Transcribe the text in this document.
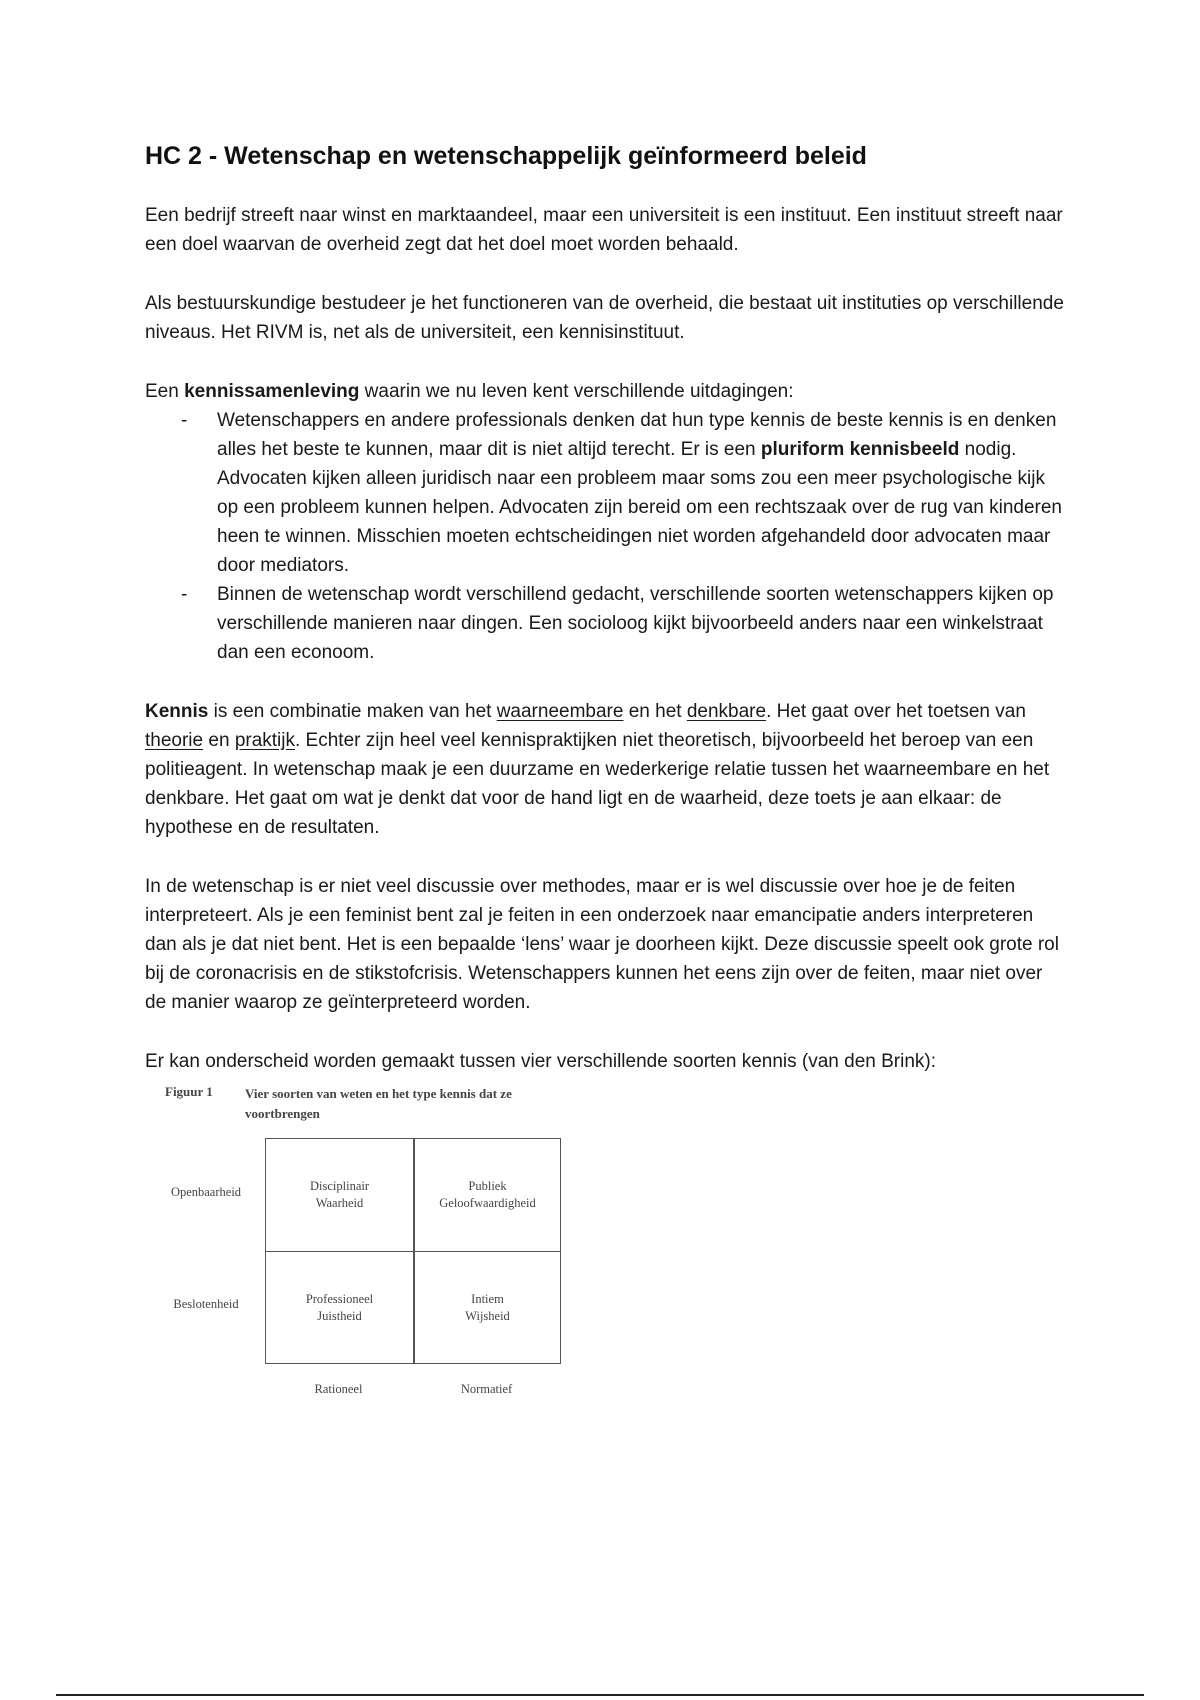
HC 2 - Wetenschap en wetenschappelijk geïnformeerd beleid

Een bedrijf streeft naar winst en marktaandeel, maar een universiteit is een instituut. Een instituut streeft naar een doel waarvan de overheid zegt dat het doel moet worden behaald.

Als bestuurskundige bestudeer je het functioneren van de overheid, die bestaat uit instituties op verschillende niveaus. Het RIVM is, net als de universiteit, een kennisinstituut.

Een kennissamenleving waarin we nu leven kent verschillende uitdagingen:

- Wetenschappers en andere professionals denken dat hun type kennis de beste kennis is en denken alles het beste te kunnen, maar dit is niet altijd terecht. Er is een pluriform kennisbeeld nodig. Advocaten kijken alleen juridisch naar een probleem maar soms zou een meer psychologische kijk op een probleem kunnen helpen. Advocaten zijn bereid om een rechtszaak over de rug van kinderen heen te winnen. Misschien moeten echtscheidingen niet worden afgehandeld door advocaten maar door mediators.
- Binnen de wetenschap wordt verschillend gedacht, verschillende soorten wetenschappers kijken op verschillende manieren naar dingen. Een socioloog kijkt bijvoorbeeld anders naar een winkelstraat dan een econoom.

Kennis is een combinatie maken van het waarneembare en het denkbare. Het gaat over het toetsen van theorie en praktijk. Echter zijn heel veel kennispraktijken niet theoretisch, bijvoorbeeld het beroep van een politieagent. In wetenschap maak je een duurzame en wederkerige relatie tussen het waarneembare en het denkbare. Het gaat om wat je denkt dat voor de hand ligt en de waarheid, deze toets je aan elkaar: de hypothese en de resultaten.

In de wetenschap is er niet veel discussie over methodes, maar er is wel discussie over hoe je de feiten interpreteert. Als je een feminist bent zal je feiten in een onderzoek naar emancipatie anders interpreteren dan als je dat niet bent. Het is een bepaalde ‘lens’ waar je doorheen kijkt. Deze discussie speelt ook grote rol bij de coronacrisis en de stikstofcrisis. Wetenschappers kunnen het eens zijn over de feiten, maar niet over de manier waarop ze geïnterpreteerd worden.

Er kan onderscheid worden gemaakt tussen vier verschillende soorten kennis (van den Brink):

Figuur 1 Vier soorten van weten en het type kennis dat ze voortbrengen
Openbaarheid
Beslotenheid
Disciplinair
Waarheid
Publiek
Geloofwaardigheid
Professioneel
Juistheid
Intiem
Wijsheid
Rationeel	Normatief
